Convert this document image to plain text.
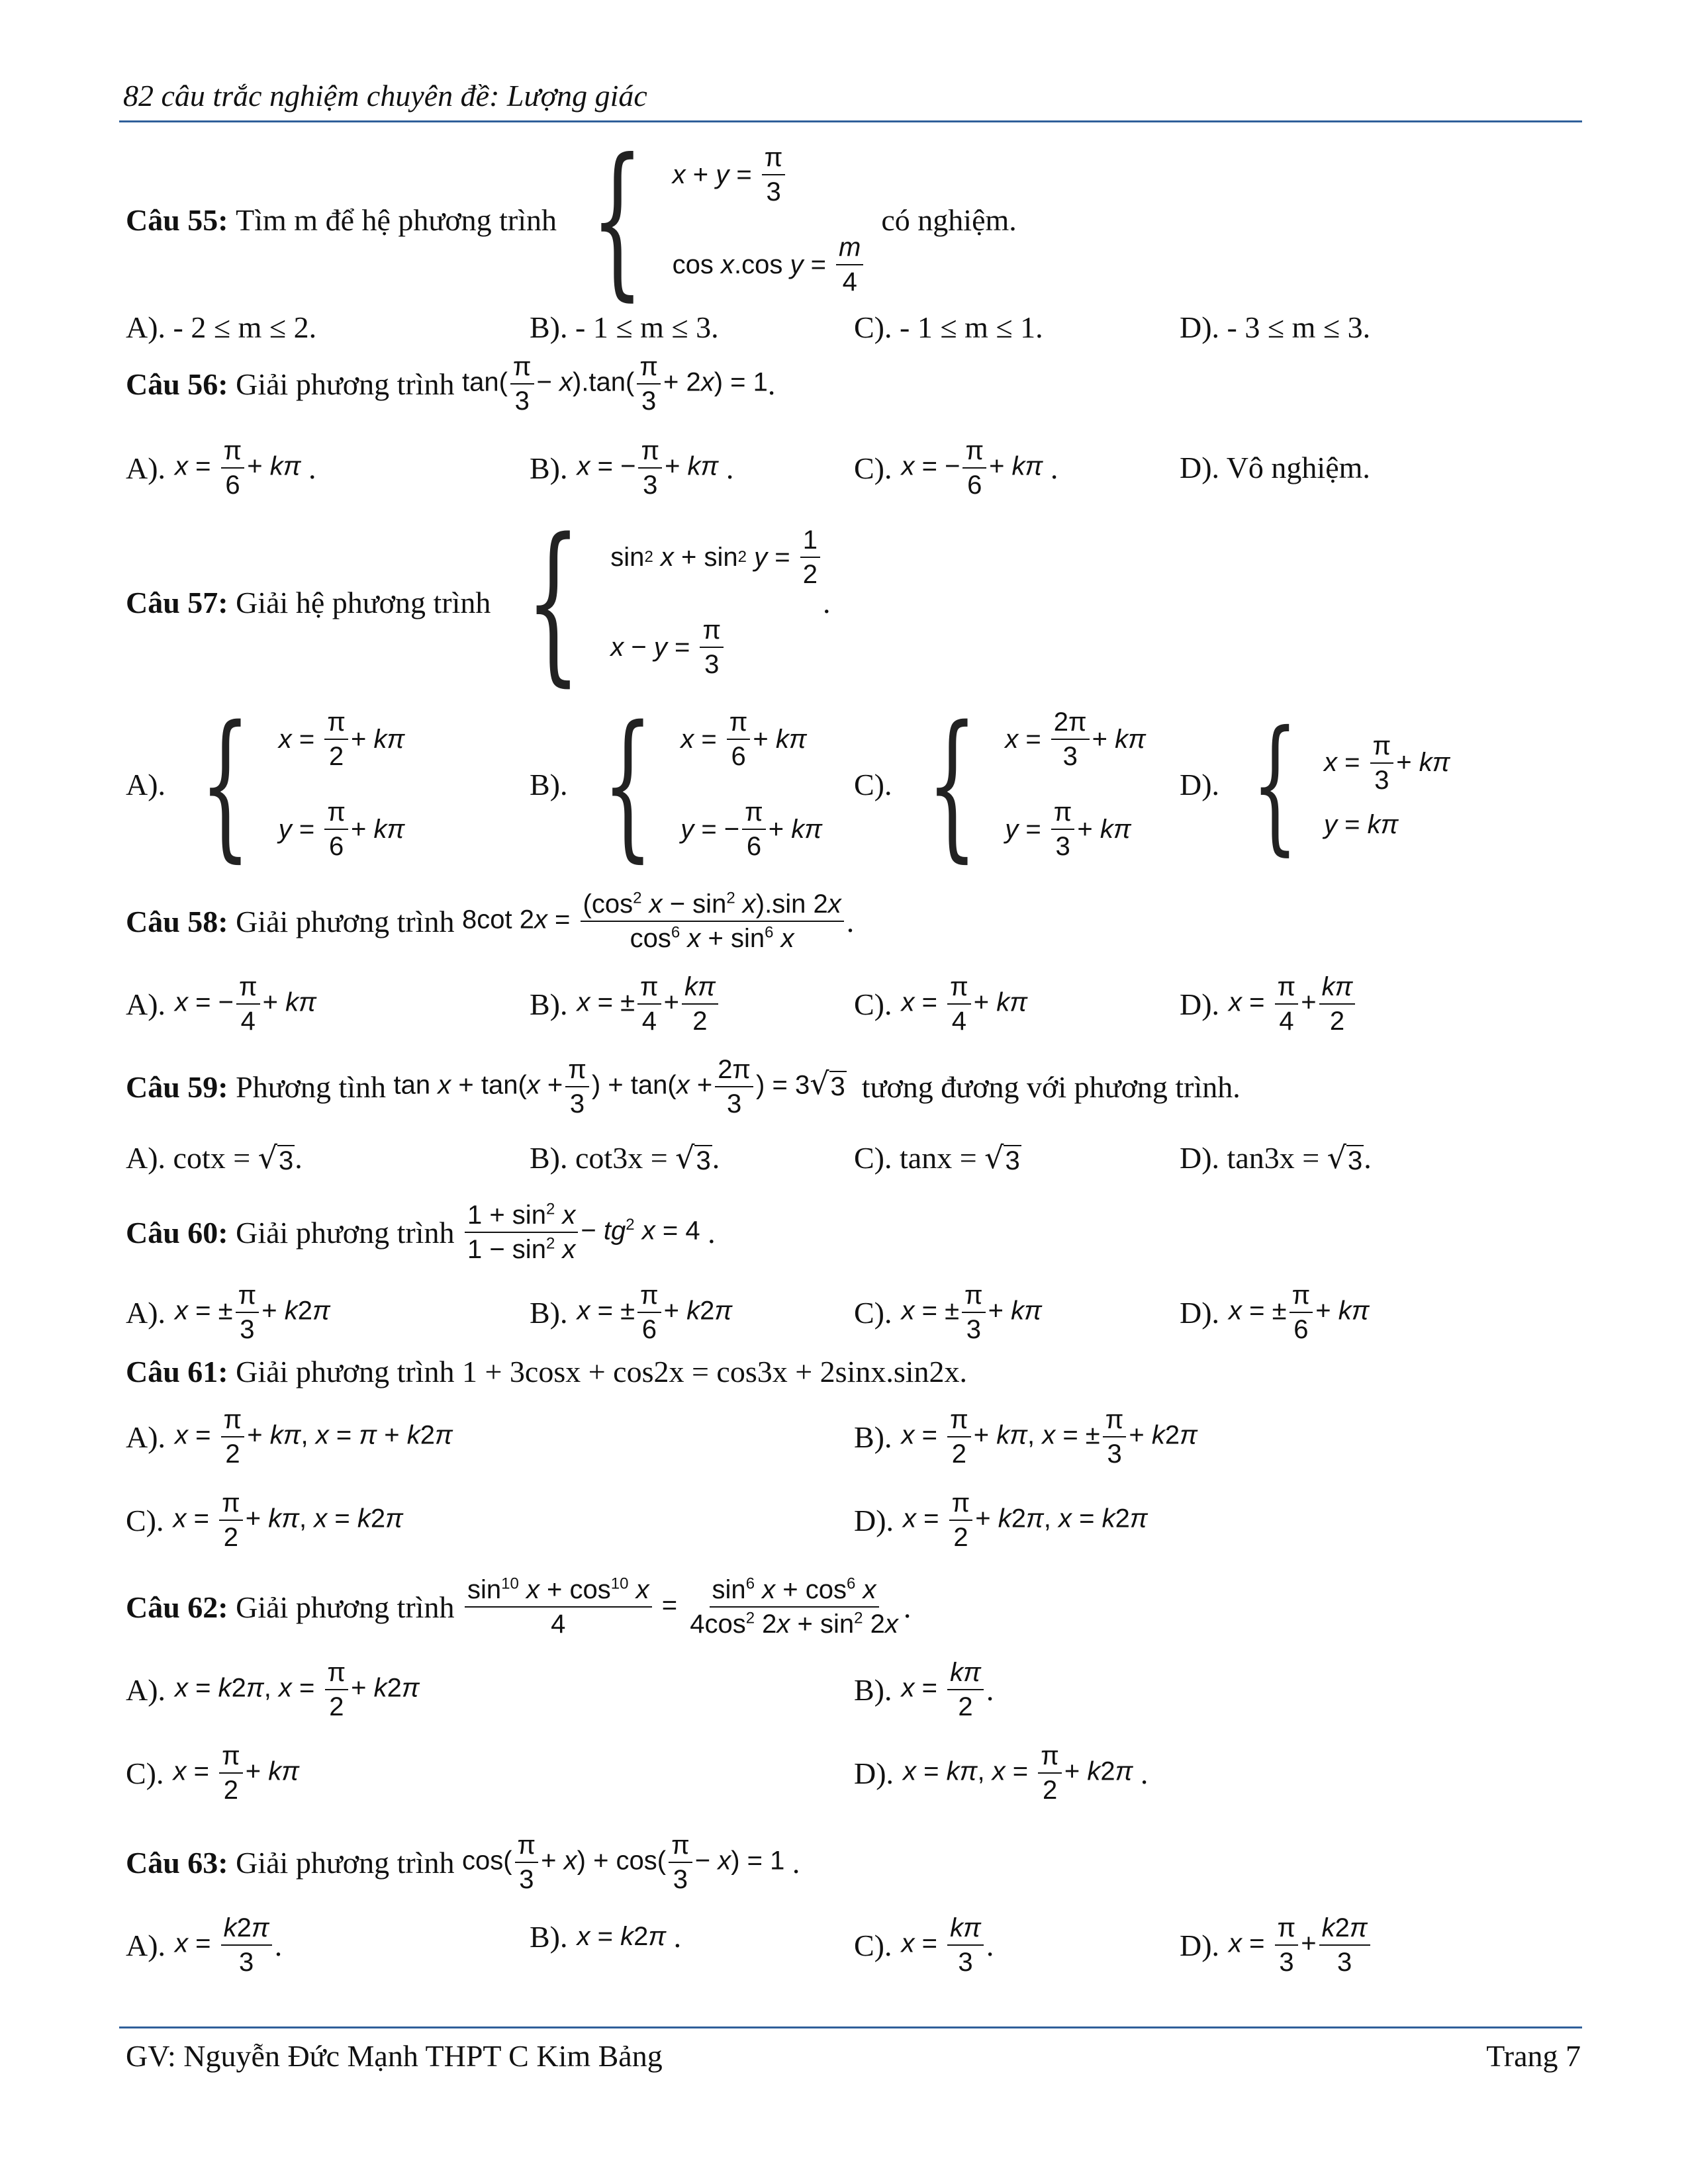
82 câu trắc nghiệm chuyên đề: Lượng giác
Câu 55:
Tìm m để hệ phương trình
{ x + y =
π
3
cos x .cos y =
m
4

có nghiệm.
A). - 2 ≤ m ≤ 2.	B). - 1 ≤ m ≤ 3.	C). - 1 ≤ m ≤ 1.	D). - 3 ≤ m ≤ 3.
Câu 56:
Giải phương trình
$\tan( \frac{\pi}{3} - x).\tan( \frac{\pi}{3} + 2x) = 1$ .
A). $x = \frac{\pi}{6} + k\pi$ .	B). x = − $\frac{\pi}{3} + k\pi$ .	C). x = − $\frac{\pi}{6} + k\pi$ .	D). Vô nghiệm.
Câu 57:
Giải hệ phương trình
{ sin 2
x + sin 2
y =
1
2
x − y =
π
3
.
A). { x =
π
2
+ kπ
y =
π
6
+ kπ
B). { x =
π
6
+ kπ
y = −
π
6
+ kπ
C). { x =
2π
3
+ kπ
y =
π
3
+ kπ
D). { x =
π
3
+ kπ
y = kπ
Câu 58:
Giải phương trình
8cot $2x = \frac{(\cos^2 x - \sin^2 x).\sin 2x}{\cos^6 x + \sin^6 x}$ .
A). x = − $\frac{\pi}{4} + k\pi$	B). x = ± $\frac{\pi}{4} + \frac{k\pi}{2}$	C). $x = \frac{\pi}{4} + k\pi$	D). $x = \frac{\pi}{4} + \frac{k\pi}{2}$
Câu 59:
Phương tình
$\tan x + \tan(x + \frac{\pi}{3}$ ) + $\tan(x + \frac{2\pi}{3}$ ) = 3 √ 3
tương đương với phương trình.
A). cotx =
√ 3 .	B). cot3x =
√ 3 .	C). tanx =
√ 3	D). tan3x =
√ 3 .
Câu 60:
Giải phương trình
$\frac{1 + \sin^2 x}{1 - \sin^2 x} - tg^2$ x = 4 .
A). x = ± $\frac{\pi}{3} + k2\pi$	B). x = ± $\frac{\pi}{6} + k2\pi$	C). x = ± $\frac{\pi}{3} + k\pi$	D). x = ± $\frac{\pi}{6} + k\pi$
Câu 61: Giải phương trình 1 + 3cosx + cos2x = cos3x + 2sinx.sin2x.
A). $x = \frac{\pi}{2} + k\pi$, x = π + k2π	B). $x = \frac{\pi}{2} + k\pi$, x = ± $\frac{\pi}{3} + k2\pi$
C). $x = \frac{\pi}{2} + k\pi$, x = k2π	D). $x = \frac{\pi}{2} + k2\pi$, x = k2π
Câu 62:
Giải phương trình
$\frac{\sin^{10} x + \cos^{10} x}{4} = \frac{\sin^6 x + \cos^6 x}{4\cos^2 2x + \sin^2 2x}$ .
A). x = k2π, $x = \frac{\pi}{2} + k2\pi$	B). $x = \frac{k\pi}{2}$ .
C). $x = \frac{\pi}{2} + k\pi$	D). x = kπ, $x = \frac{\pi}{2} + k2\pi$ .
Câu 63:
Giải phương trình
$\cos( \frac{\pi}{3} + x) + \cos( \frac{\pi}{3} - x) = 1$ .
A). $x = \frac{k2\pi}{3}$ .	B). x = k2π .	C). $x = \frac{k\pi}{3}$ .	D). $x = \frac{\pi}{3} + \frac{k2\pi}{3}$
GV: Nguyễn Đức Mạnh THPT C Kim Bảng	Trang 7
